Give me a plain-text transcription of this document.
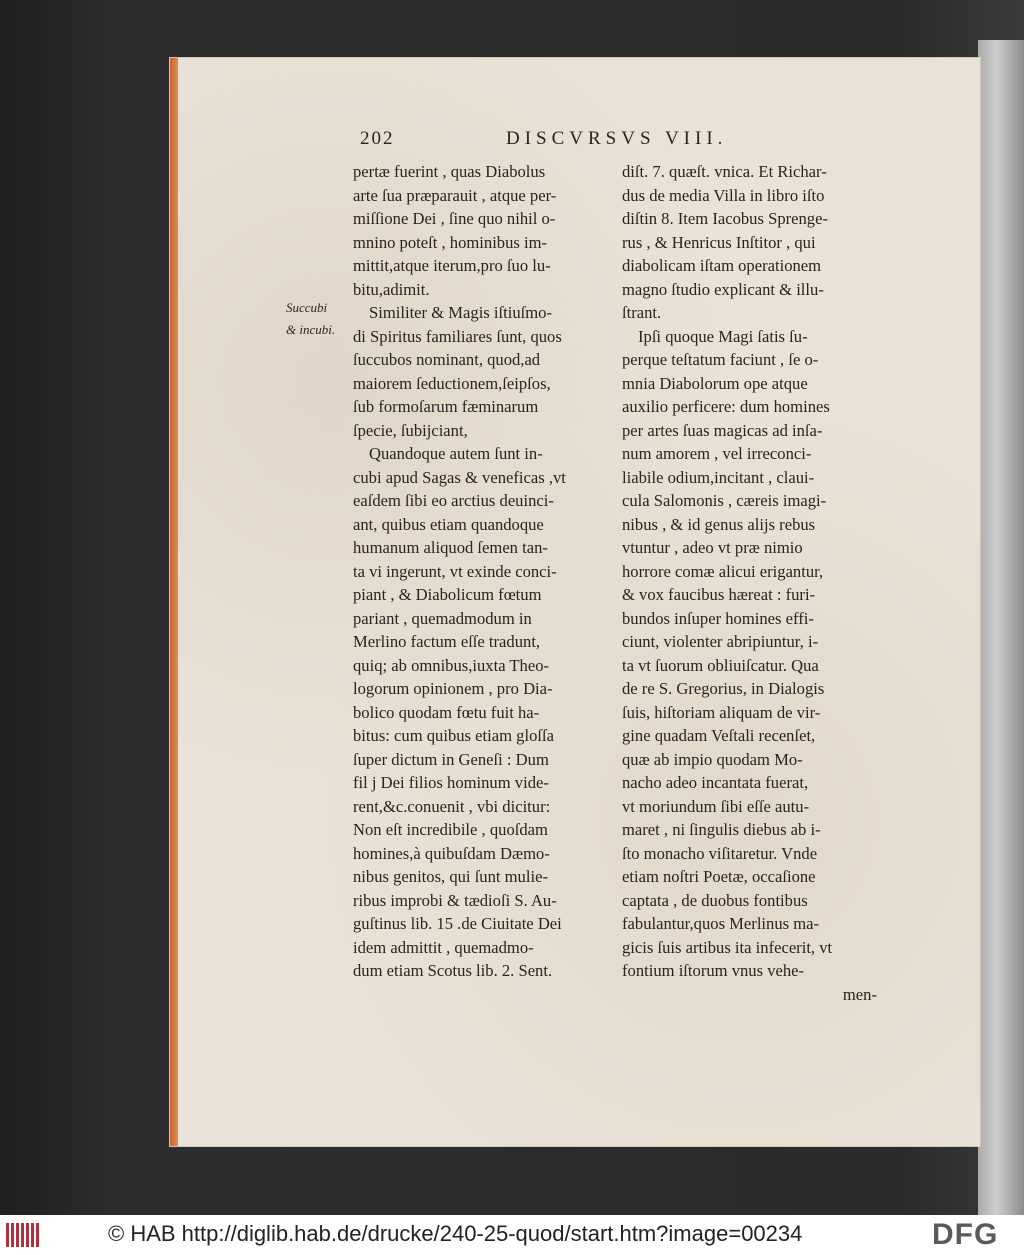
202	DISCVRSVS VIII.
Succubi
& incubi.
pertæ fuerint , quas Diabolus
arte ſua præparauit , atque per-
miſſione Dei , ſine quo nihil o-
mnino poteſt , hominibus im-
mittit,atque iterum,pro ſuo lu-
bitu,adimit.
Similiter & Magis iſtiuſmo-
di Spiritus familiares ſunt, quos
ſuccubos nominant, quod,ad
maiorem ſeductionem,ſeipſos,
ſub formoſarum fæminarum
ſpecie, ſubijciant,
Quandoque autem ſunt in-
cubi apud Sagas & veneficas ,vt
eaſdem ſibi eo arctius deuinci-
ant, quibus etiam quandoque
humanum aliquod ſemen tan-
ta vi ingerunt, vt exinde conci-
piant , & Diabolicum fœtum
pariant , quemadmodum in
Merlino factum eſſe tradunt,
quiq; ab omnibus,iuxta Theo-
logorum opinionem , pro Dia-
bolico quodam fœtu fuit ha-
bitus: cum quibus etiam gloſſa
ſuper dictum in Geneſi : Dum
fil j Dei filios hominum vide-
rent,&c.conuenit , vbi dicitur:
Non eſt incredibile , quoſdam
homines,à quibuſdam Dæmo-
nibus genitos, qui ſunt mulie-
ribus improbi & tædioſi S. Au-
guſtinus lib. 15 .de Ciuitate Dei
idem admittit , quemadmo-
dum etiam Scotus lib. 2. Sent.
diſt. 7. quæſt. vnica. Et Richar-
dus de media Villa in libro iſto
diſtin 8. Item Iacobus Sprenge-
rus , & Henricus Inſtitor , qui
diabolicam iſtam operationem
magno ſtudio explicant & illu-
ſtrant.
Ipſi quoque Magi ſatis ſu-
perque teſtatum faciunt , ſe o-
mnia Diabolorum ope atque
auxilio perficere: dum homines
per artes ſuas magicas ad inſa-
num amorem , vel irreconci-
liabile odium,incitant , claui-
cula Salomonis , cæreis imagi-
nibus , & id genus alijs rebus
vtuntur , adeo vt præ nimio
horrore comæ alicui erigantur,
& vox faucibus hæreat : furi-
bundos inſuper homines effi-
ciunt, violenter abripiuntur, i-
ta vt ſuorum obliuiſcatur. Qua
de re S. Gregorius, in Dialogis
ſuis, hiſtoriam aliquam de vir-
gine quadam Veſtali recenſet,
quæ ab impio quodam Mo-
nacho adeo incantata fuerat,
vt moriundum ſibi eſſe autu-
maret , ni ſingulis diebus ab i-
ſto monacho viſitaretur. Vnde
etiam noſtri Poetæ, occaſione
captata , de duobus fontibus
fabulantur,quos Merlinus ma-
gicis ſuis artibus ita infecerit, vt
fontium iſtorum vnus vehe-
men-
© HAB http://diglib.hab.de/drucke/240-25-quod/start.htm?image=00234	DFG
